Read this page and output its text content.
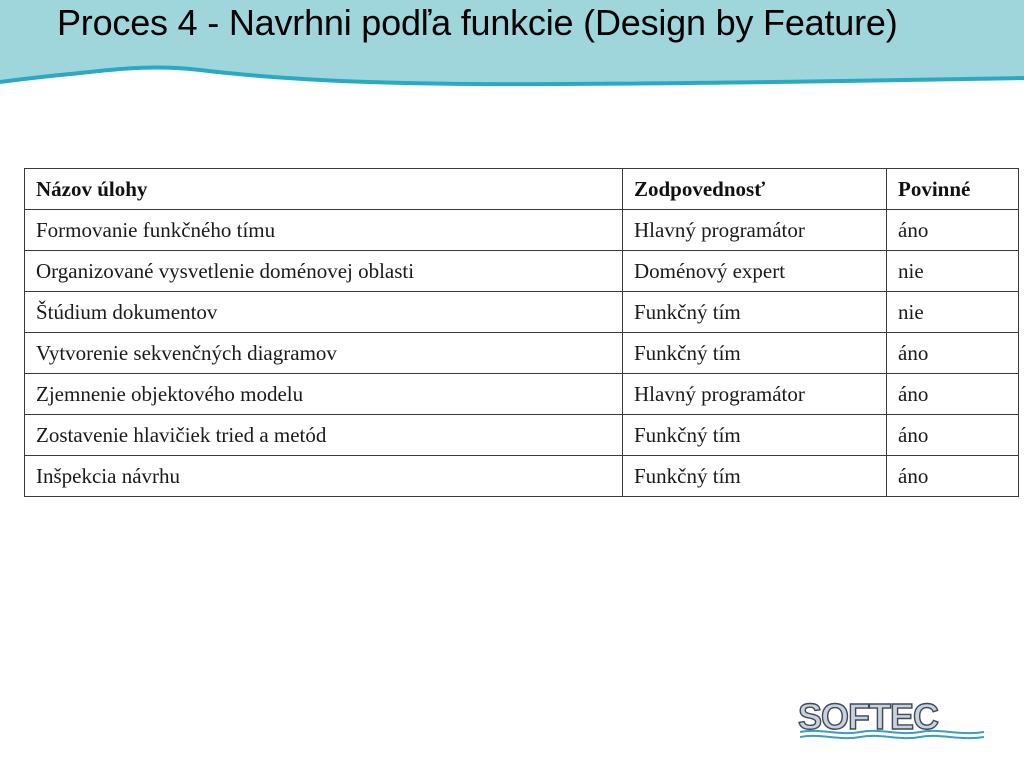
Proces 4 - Navrhni podľa funkcie (Design by Feature)
Názov úlohy	Zodpovednosť	Povinné
Formovanie funkčného tímu	Hlavný programátor	áno
Organizované vysvetlenie doménovej oblasti	Doménový expert	nie
Štúdium dokumentov	Funkčný tím	nie
Vytvorenie sekvenčných diagramov	Funkčný tím	áno
Zjemnenie objektového modelu	Hlavný programátor	áno
Zostavenie hlavičiek tried a metód	Funkčný tím	áno
Inšpekcia návrhu	Funkčný tím	áno
SOFTEC
